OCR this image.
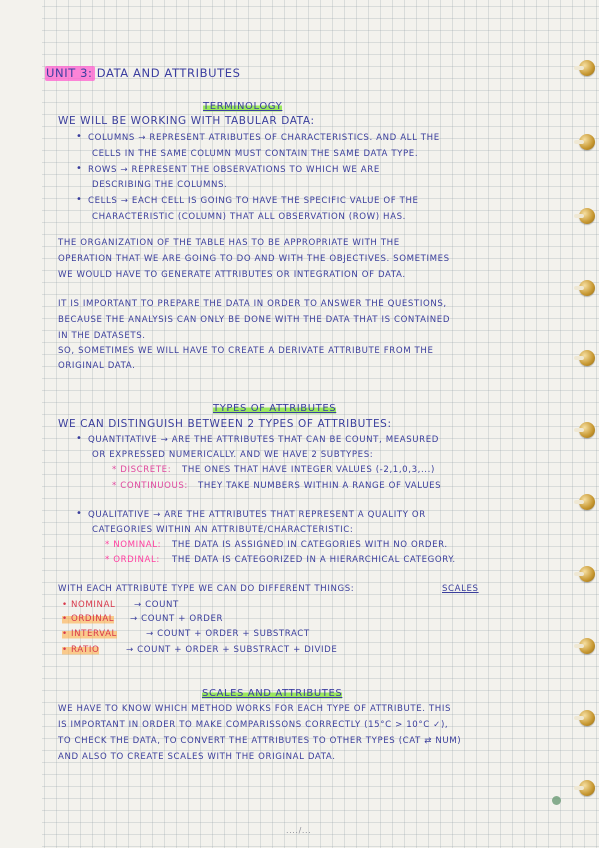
UNIT 3: DATA AND ATTRIBUTES
TERMINOLOGY
WE WILL BE WORKING WITH TABULAR DATA:
• COLUMNS → REPRESENT ATRIBUTES OF CHARACTERISTICS. AND ALL THE
CELLS IN THE SAME COLUMN MUST CONTAIN THE SAME DATA TYPE.
• ROWS → REPRESENT THE OBSERVATIONS TO WHICH WE ARE
DESCRIBING THE COLUMNS.
• CELLS → EACH CELL IS GOING TO HAVE THE SPECIFIC VALUE OF THE
CHARACTERISTIC (COLUMN) THAT ALL OBSERVATION (ROW) HAS.
THE ORGANIZATION OF THE TABLE HAS TO BE APPROPRIATE WITH THE
OPERATION THAT WE ARE GOING TO DO AND WITH THE OBJECTIVES. SOMETIMES
WE WOULD HAVE TO GENERATE ATTRIBUTES OR INTEGRATION OF DATA.
IT IS IMPORTANT TO PREPARE THE DATA IN ORDER TO ANSWER THE QUESTIONS,
BECAUSE THE ANALYSIS CAN ONLY BE DONE WITH THE DATA THAT IS CONTAINED
IN THE DATASETS.
SO, SOMETIMES WE WILL HAVE TO CREATE A DERIVATE ATTRIBUTE FROM THE
ORIGINAL DATA.
TYPES OF ATTRIBUTES
WE CAN DISTINGUISH BETWEEN 2 TYPES OF ATTRIBUTES:
• QUANTITATIVE → ARE THE ATTRIBUTES THAT CAN BE COUNT, MEASURED
OR EXPRESSED NUMERICALLY. AND WE HAVE 2 SUBTYPES:
* DISCRETE: THE ONES THAT HAVE INTEGER VALUES (-2,1,0,3,...)
* CONTINUOUS: THEY TAKE NUMBERS WITHIN A RANGE OF VALUES
• QUALITATIVE → ARE THE ATTRIBUTES THAT REPRESENT A QUALITY OR
CATEGORIES WITHIN AN ATTRIBUTE/CHARACTERISTIC:
* NOMINAL: THE DATA IS ASSIGNED IN CATEGORIES WITH NO ORDER.
* ORDINAL: THE DATA IS CATEGORIZED IN A HIERARCHICAL CATEGORY.
WITH EACH ATTRIBUTE TYPE WE CAN DO DIFFERENT THINGS:	SCALES
• NOMINAL → COUNT
• ORDINAL → COUNT + ORDER
• INTERVAL	→ COUNT + ORDER + SUBSTRACT
• RATIO	→ COUNT + ORDER + SUBSTRACT + DIVIDE
SCALES AND ATTRIBUTES
WE HAVE TO KNOW WHICH METHOD WORKS FOR EACH TYPE OF ATTRIBUTE. THIS
IS IMPORTANT IN ORDER TO MAKE COMPARISSONS CORRECTLY (15°C > 10°C ✓),
TO CHECK THE DATA, TO CONVERT THE ATTRIBUTES TO OTHER TYPES (CAT ⇄ NUM)
AND ALSO TO CREATE SCALES WITH THE ORIGINAL DATA.
..../...
